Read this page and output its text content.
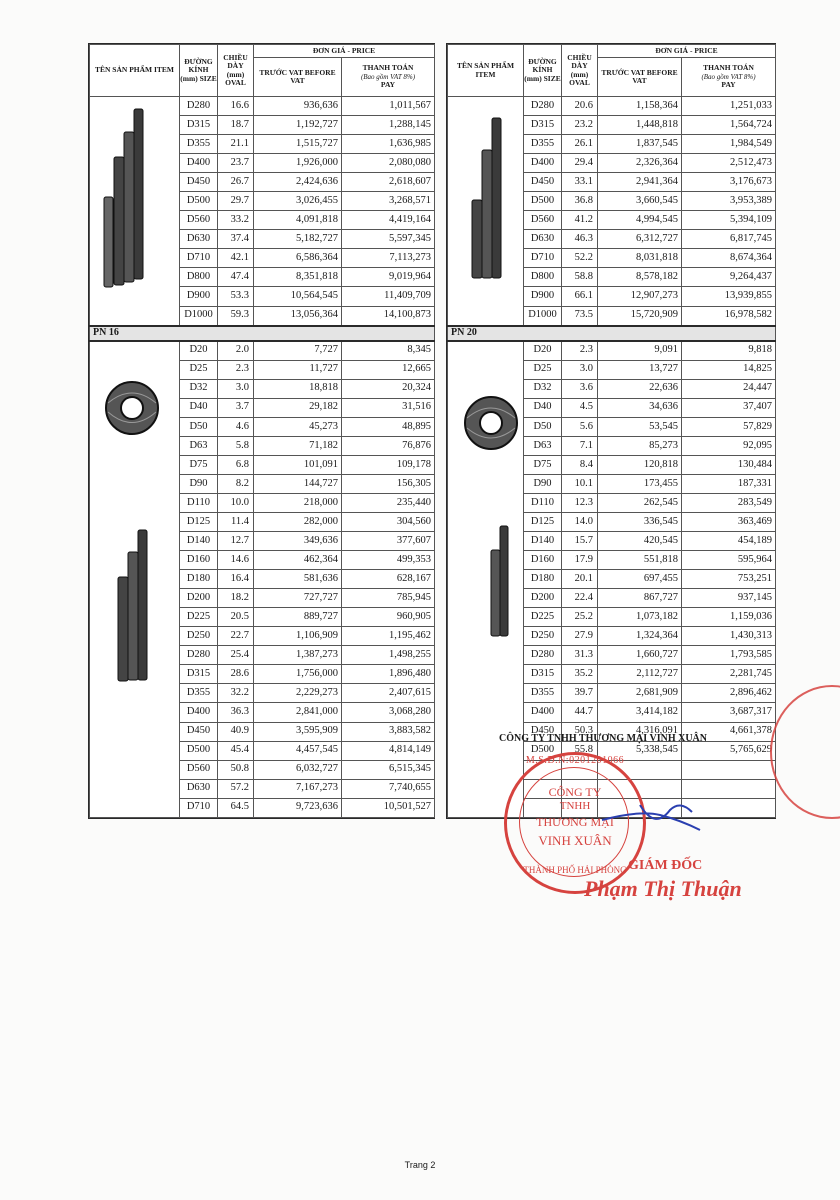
TÊN SẢN PHẨM ITEM	ĐƯỜNG KÍNH (mm) SIZE	CHIỀU DÀY (mm) OVAL	ĐƠN GIÁ - PRICE	
			TRƯỚC VAT BEFORE VAT	THANH TOÁN
(Bao gồm VAT 8%)
PAY
	D280	16.6	936,636	1,011,567
	D315	18.7	1,192,727	1,288,145
	D355	21.1	1,515,727	1,636,985
	D400	23.7	1,926,000	2,080,080
	D450	26.7	2,424,636	2,618,607
	D500	29.7	3,026,455	3,268,571
	D560	33.2	4,091,818	4,419,164
	D630	37.4	5,182,727	5,597,345
	D710	42.1	6,586,364	7,113,273
	D800	47.4	8,351,818	9,019,964
	D900	53.3	10,564,545	11,409,709
	D1000	59.3	13,056,364	14,100,873
PN 16				
	D20	2.0	7,727	8,345
	D25	2.3	11,727	12,665
	D32	3.0	18,818	20,324
	D40	3.7	29,182	31,516
	D50	4.6	45,273	48,895
	D63	5.8	71,182	76,876
	D75	6.8	101,091	109,178
	D90	8.2	144,727	156,305
	D110	10.0	218,000	235,440
	D125	11.4	282,000	304,560
	D140	12.7	349,636	377,607
	D160	14.6	462,364	499,353
	D180	16.4	581,636	628,167
	D200	18.2	727,727	785,945
	D225	20.5	889,727	960,905
	D250	22.7	1,106,909	1,195,462
	D280	25.4	1,387,273	1,498,255
	D315	28.6	1,756,000	1,896,480
	D355	32.2	2,229,273	2,407,615
	D400	36.3	2,841,000	3,068,280
	D450	40.9	3,595,909	3,883,582
	D500	45.4	4,457,545	4,814,149
	D560	50.8	6,032,727	6,515,345
	D630	57.2	7,167,273	7,740,655
	D710	64.5	9,723,636	10,501,527
TÊN SẢN PHẨM ITEM	ĐƯỜNG KÍNH (mm) SIZE	CHIỀU DÀY (mm) OVAL	ĐƠN GIÁ - PRICE	
			TRƯỚC VAT BEFORE VAT	THANH TOÁN
(Bao gồm VAT 8%)
PAY
	D280	20.6	1,158,364	1,251,033
	D315	23.2	1,448,818	1,564,724
	D355	26.1	1,837,545	1,984,549
	D400	29.4	2,326,364	2,512,473
	D450	33.1	2,941,364	3,176,673
	D500	36.8	3,660,545	3,953,389
	D560	41.2	4,994,545	5,394,109
	D630	46.3	6,312,727	6,817,745
	D710	52.2	8,031,818	8,674,364
	D800	58.8	8,578,182	9,264,437
	D900	66.1	12,907,273	13,939,855
	D1000	73.5	15,720,909	16,978,582
PN 20				
	D20	2.3	9,091	9,818
	D25	3.0	13,727	14,825
	D32	3.6	22,636	24,447
	D40	4.5	34,636	37,407
	D50	5.6	53,545	57,829
	D63	7.1	85,273	92,095
	D75	8.4	120,818	130,484
	D90	10.1	173,455	187,331
	D110	12.3	262,545	283,549
	D125	14.0	336,545	363,469
	D140	15.7	420,545	454,189
	D160	17.9	551,818	595,964
	D180	20.1	697,455	753,251
	D200	22.4	867,727	937,145
	D225	25.2	1,073,182	1,159,036
	D250	27.9	1,324,364	1,430,313
	D280	31.3	1,660,727	1,793,585
	D315	35.2	2,112,727	2,281,745
	D355	39.7	2,681,909	2,896,462
	D400	44.7	3,414,182	3,687,317
	D450	50.3	4,316,091	4,661,378
	D500	55.8	5,338,545	5,765,629

CÔNG TY TNHH THƯƠNG MẠI VINH XUÂN
M.S.D.N:0201201066
CÔNG TY
TNHH
THƯƠNG MẠI
VINH XUÂN
THÀNH PHỐ HẢI PHÒNG GIÁM ĐỐC
Phạm Thị Thuận
Trang 2
